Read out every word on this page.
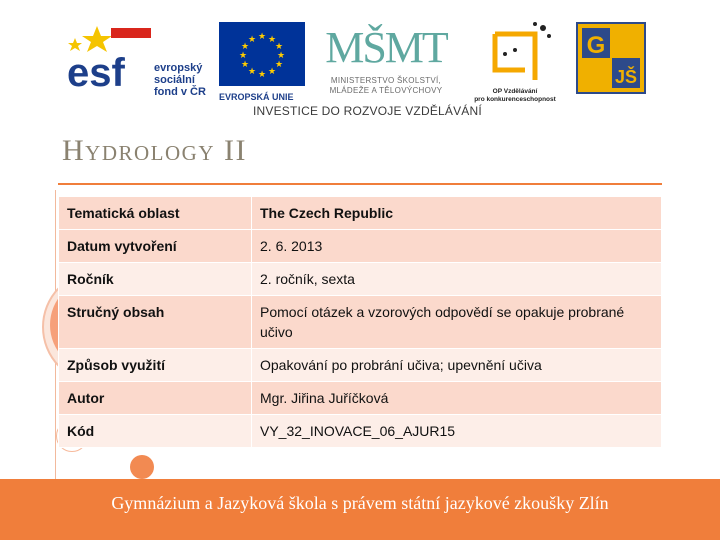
esf	evropský
sociální
fond v ČR
★ ★
★
★
★
★
★
★
★
★
★
★
EVROPSKÁ UNIE
MŠMT
MINISTERSTVO ŠKOLSTVÍ,
MLÁDEŽE A TĚLOVÝCHOVY	OP Vzdělávání
pro konkurenceschopnost
G
JŠ
INVESTICE DO ROZVOJE VZDĚLÁVÁNÍ
Hydrology II
Tematická oblast	The Czech Republic
Datum vytvoření	2. 6. 2013
Ročník	2. ročník, sexta
Stručný obsah	Pomocí otázek a vzorových odpovědí se opakuje probrané učivo
Způsob využití	Opakování po probrání učiva; upevnění učiva
Autor	Mgr. Jiřina Juříčková
Kód	VY_32_INOVACE_06_AJUR15
Gymnázium a Jazyková škola s právem státní jazykové zkoušky Zlín
